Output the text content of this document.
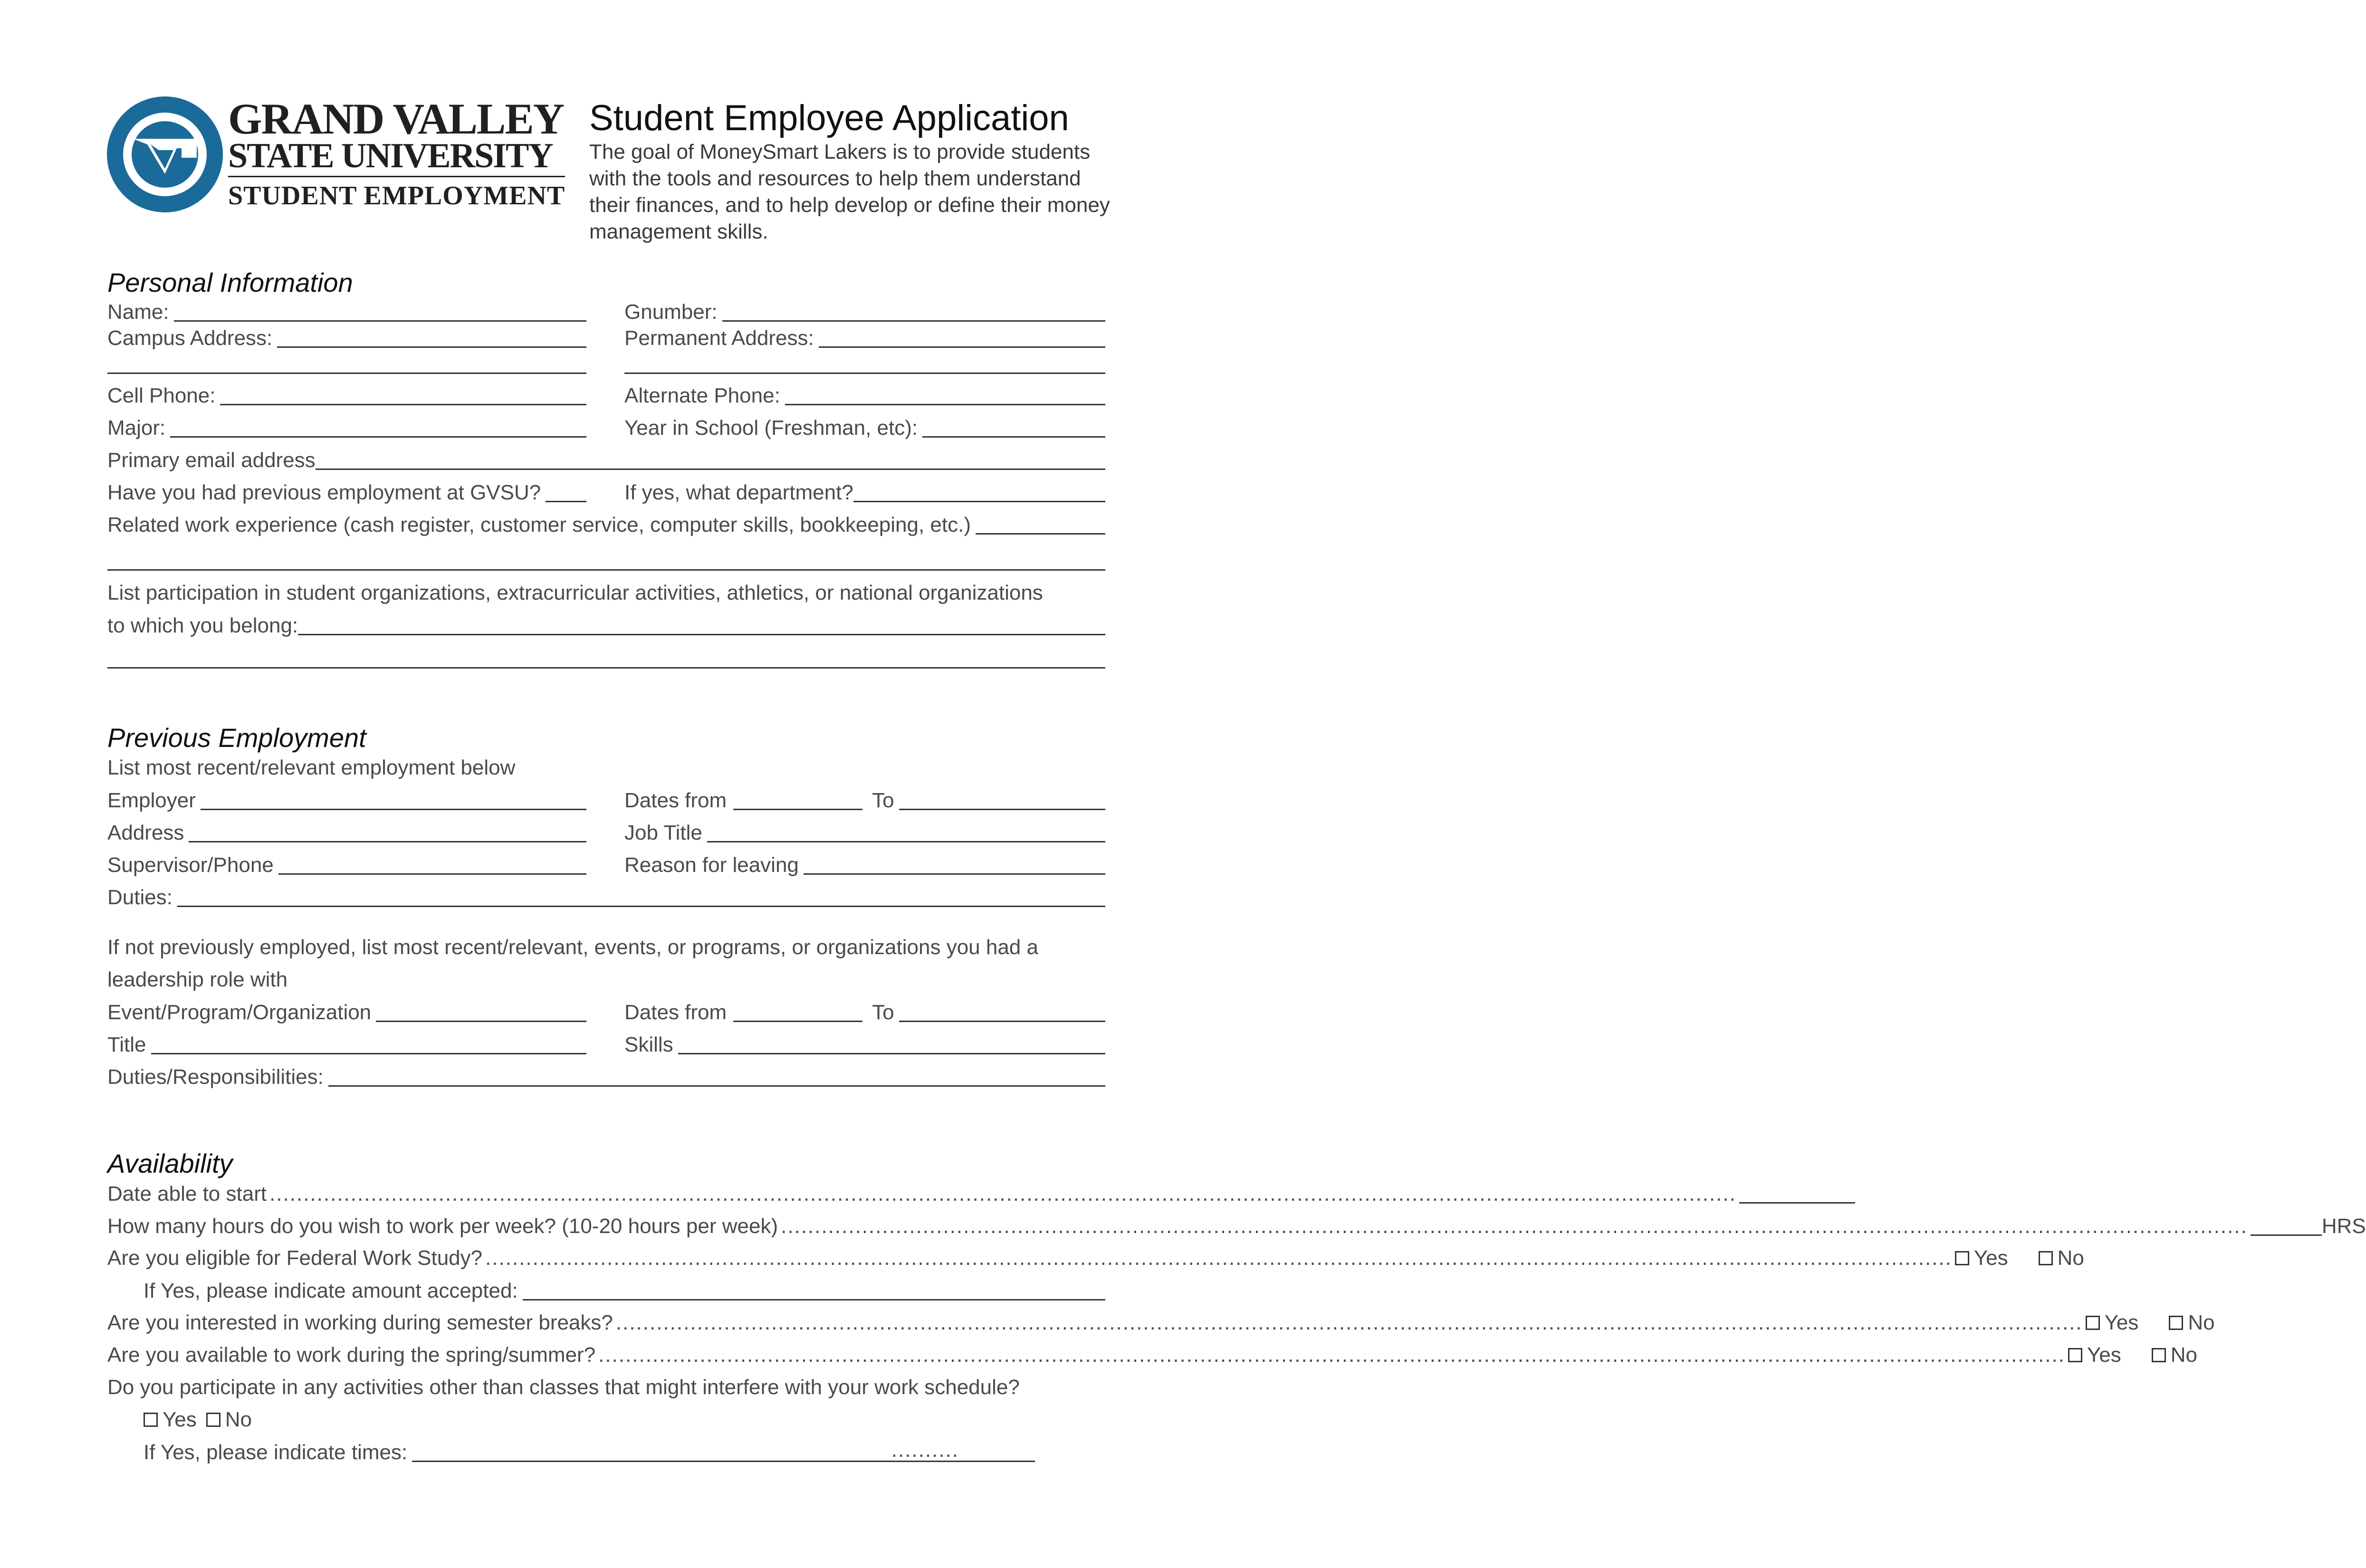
GRAND VALLEY
STATE UNIVERSITY
STUDENT EMPLOYMENT
Student Employee Application
The goal of MoneySmart Lakers is to provide students with the tools and resources to help them understand their finances, and to help develop or define their money management skills.
Personal Information
Name:	Gnumber:
Campus Address:	Permanent Address:
Cell Phone:	Alternate Phone:
Major:	Year in School (Freshman, etc):
Primary email address
Have you had previous employment at GVSU?	If yes, what department?
Related work experience (cash register, customer service, computer skills, bookkeeping, etc.)
List participation in student organizations, extracurricular activities, athletics, or national organizations
to which you belong:
Previous Employment
List most recent/relevant employment below
Employer	Dates from	To
Address	Job Title
Supervisor/Phone	Reason for leaving
Duties:
If not previously employed, list most recent/relevant, events, or programs, or organizations you had a
leadership role with
Event/Program/Organization	Dates from	To
Title	Skills
Duties/Responsibilities:
Availability
Date able to start .........................................................................................................................................................................................................................
How many hours do you wish to work per week? (10-20 hours per week) .........................................................................................................................................................................................................................	HRS
Are you eligible for Federal Work Study? ......................................................................................................................................................................................................................... Yes No
If Yes, please indicate amount accepted:
Are you interested in working during semester breaks? ......................................................................................................................................................................................................................... Yes No
Are you available to work during the spring/summer? ......................................................................................................................................................................................................................... Yes No
Do you participate in any activities other than classes that might interfere with your work schedule?
Yes No
If Yes, please indicate times:	..........
